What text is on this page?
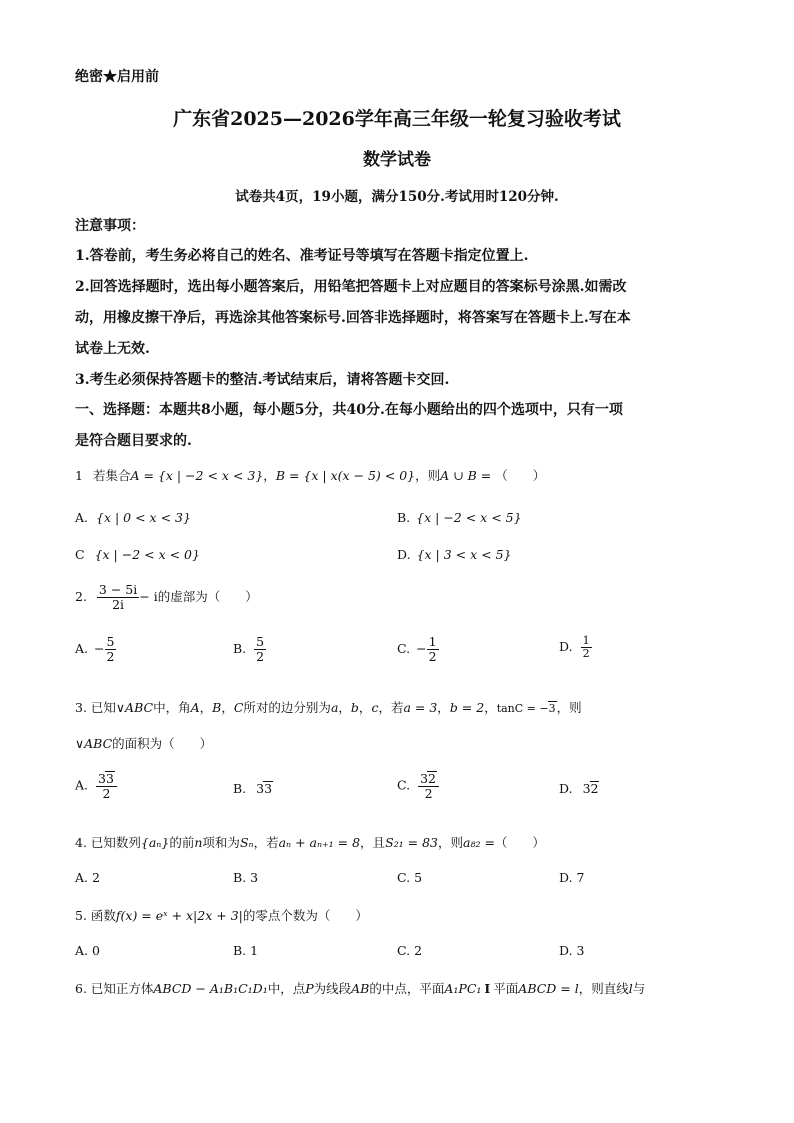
绝密★启用前
广东省2025—2026学年高三年级一轮复习验收考试
数学试卷
试卷共4页，19小题，满分150分.考试用时120分钟.
注意事项：
1.答卷前，考生务必将自己的姓名、准考证号等填写在答题卡指定位置上.
2.回答选择题时，选出每小题答案后，用铅笔把答题卡上对应题目的答案标号涂黑.如需改
动，用橡皮擦干净后，再选涂其他答案标号.回答非选择题时，将答案写在答题卡上.写在本
试卷上无效.
3.考生必须保持答题卡的整洁.考试结束后，请将答题卡交回.
一、选择题：本题共8小题，每小题5分，共40分.在每小题给出的四个选项中，只有一项
是符合题目要求的.
1 若集合A = {x | −2 < x < 3}，B = {x | x(x − 5) < 0}，则A ∪ B = （　　）
A. {x | 0 < x < 3}	B. {x | −2 < x < 5}
C {x | −2 < x < 0}	D. {x | 3 < x < 5}
2. $\frac{3 - 5i}{2i} - i$的虚部为（　　）
A. − $\frac{5}{2}$	B. $\frac{5}{2}$	C. − $\frac{1}{2}$	D. $\frac{1}{2}$
3. 已知∨ABC中，角A，B，C所对的边分别为a，b，c，若a = 3，b = 2，tanC = −3，则
∨ABC的面积为（　　）
A. $\frac{33}{2}$	B. 33	C. $\frac{32}{2}$	D. 32
4. 已知数列{aₙ}的前n项和为Sₙ，若aₙ + aₙ₊₁ = 8，且S₂₁ = 83，则a₈₂ =（　　）
A. 2	B. 3	C. 5	D. 7
5. 函数f(x) = eˣ + x|2x + 3|的零点个数为（　　）
A. 0	B. 1	C. 2	D. 3
6. 已知正方体ABCD − A₁B₁C₁D₁中，点P为线段AB的中点，平面A₁PC₁ I 平面ABCD = l，则直线l与
